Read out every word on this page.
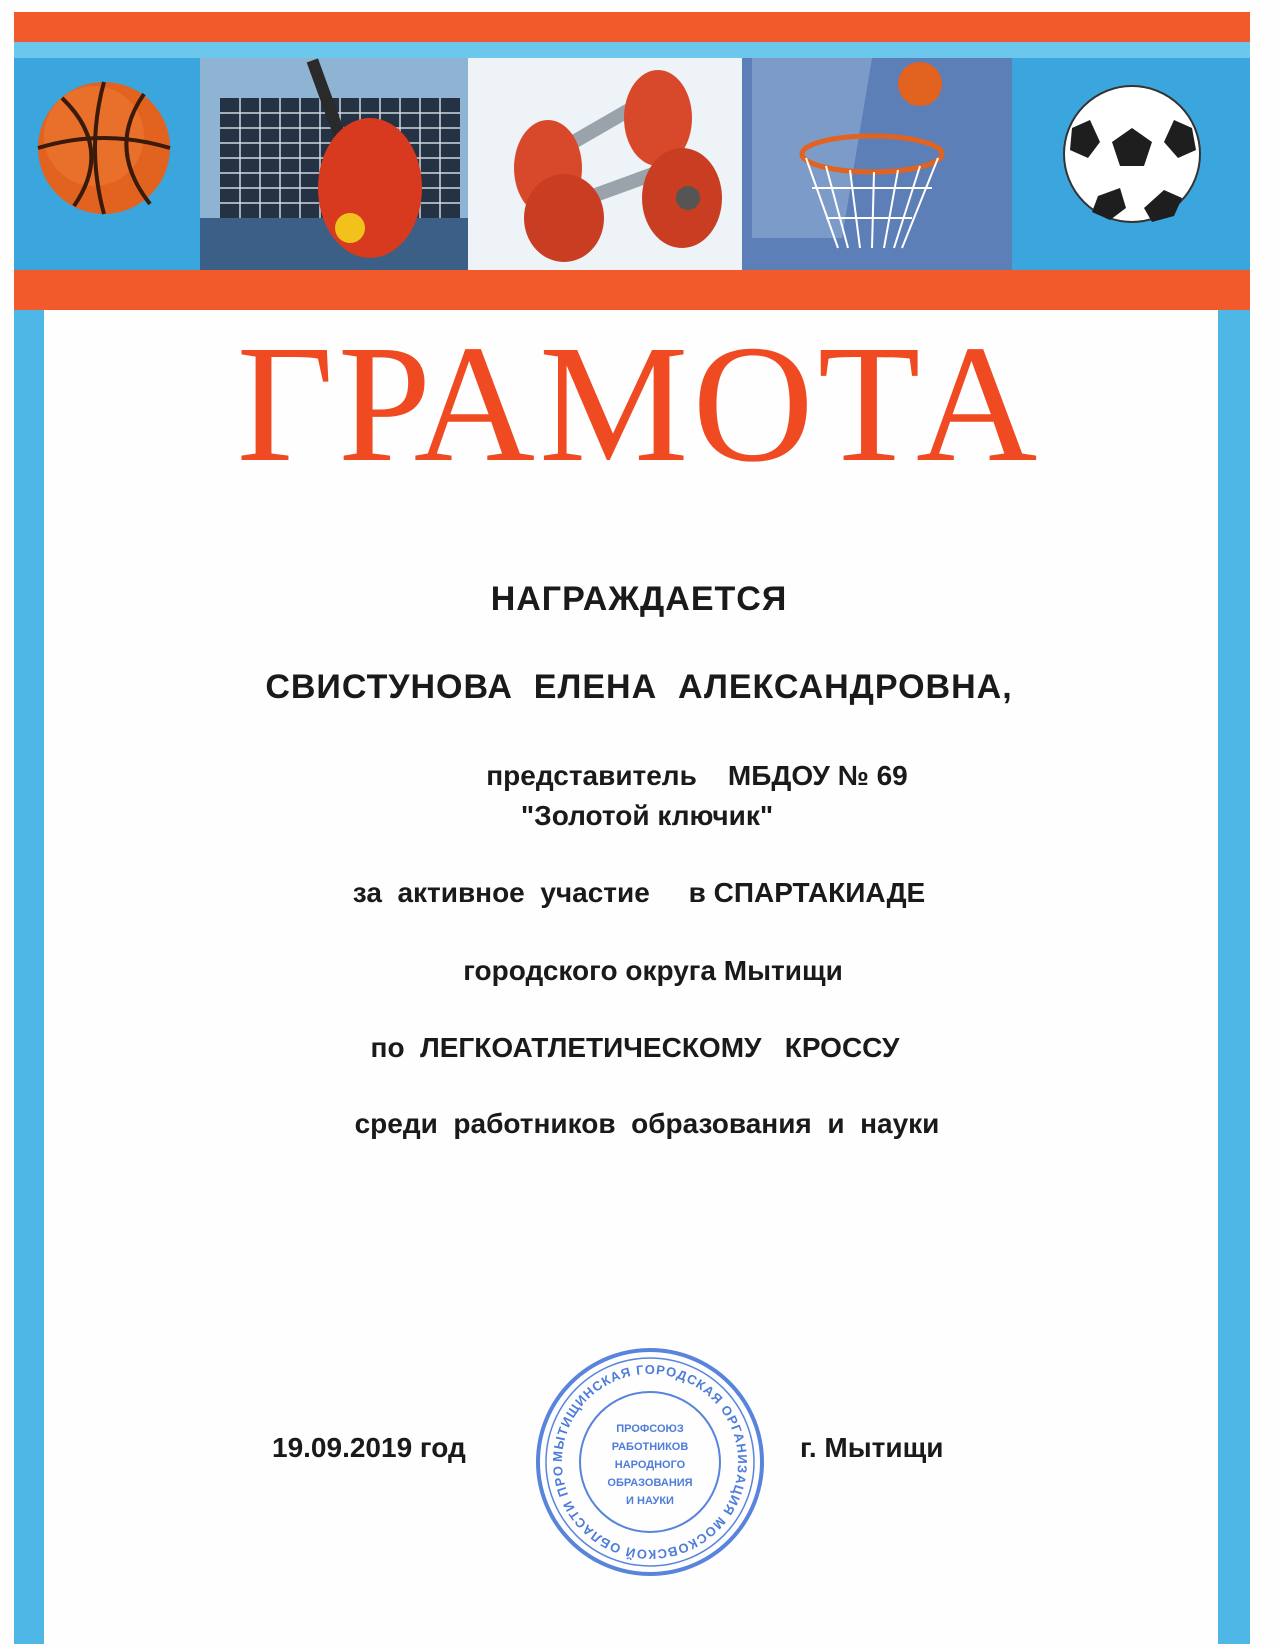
ГРАМОТА
НАГРАЖДАЕТСЯ
СВИСТУНОВА  ЕЛЕНА  АЛЕКСАНДРОВНА,
представитель    МБДОУ № 69
"Золотой ключик"
за  активное  участие     в СПАРТАКИАДЕ
городского округа Мытищи
по  ЛЕГКОАТЛЕТИЧЕСКОМУ   КРОССУ
среди  работников  образования  и  науки
19.09.2019 год	г. Мытищи
МЫТИЩИНСКАЯ ГОРОДСКАЯ ОРГАНИЗАЦИЯ МОСКОВСКОЙ ОБЛАСТИ ПРО
ПРОФСОЮЗ
РАБОТНИКОВ
НАРОДНОГО
ОБРАЗОВАНИЯ
И НАУКИ
